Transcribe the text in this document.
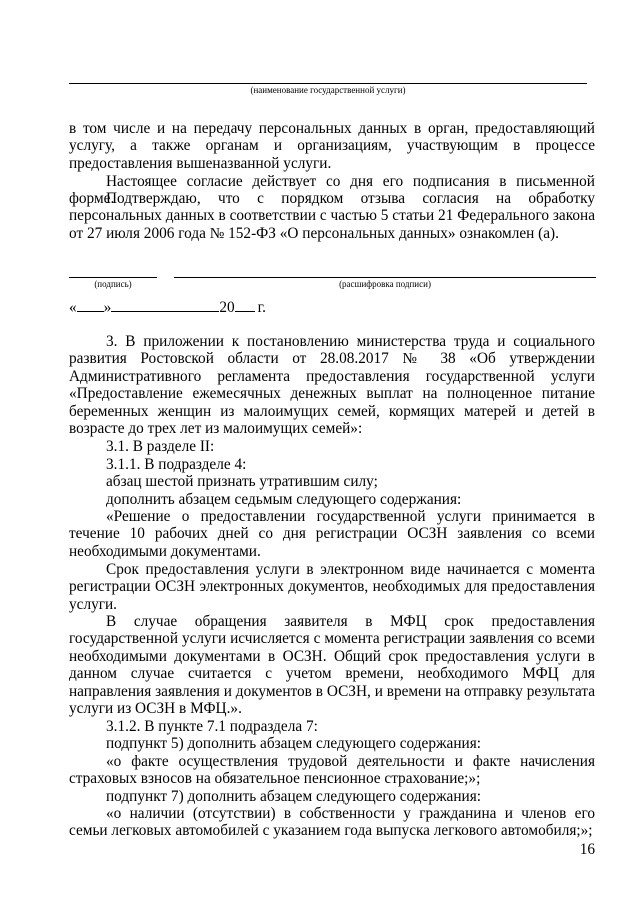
(наименование государственной услуги)
в том числе и на передачу персональных данных в орган, предоставляющий услугу, а также органам и организациям, участвующим в процессе предоставления вышеназванной услуги.
Настоящее согласие действует со дня его подписания в письменной форме.
Подтверждаю, что с порядком отзыва согласия на обработку персональных данных в соответствии с частью 5 статьи 21 Федерального закона от 27 июля 2006 года № 152-ФЗ «О персональных данных» ознакомлен (а).
(подпись)	(расшифровка подписи)
« »	20 г.
3. В приложении к постановлению министерства труда и социального развития Ростовской области от 28.08.2017 № 38 «Об утверждении Административного регламента предоставления государственной услуги «Предоставление ежемесячных денежных выплат на полноценное питание беременных женщин из малоимущих семей, кормящих матерей и детей в возрасте до трех лет из малоимущих семей»:
3.1. В разделе II:
3.1.1. В подразделе 4:
абзац шестой признать утратившим силу;
дополнить абзацем седьмым следующего содержания:
«Решение о предоставлении государственной услуги принимается в течение 10 рабочих дней со дня регистрации ОСЗН заявления со всеми необходимыми документами.
Срок предоставления услуги в электронном виде начинается с момента регистрации ОСЗН электронных документов, необходимых для предоставления услуги.
В случае обращения заявителя в МФЦ срок предоставления государственной услуги исчисляется с момента регистрации заявления со всеми необходимыми документами в ОСЗН. Общий срок предоставления услуги в данном случае считается с учетом времени, необходимого МФЦ для направления заявления и документов в ОСЗН, и времени на отправку результата услуги из ОСЗН в МФЦ.».
3.1.2. В пункте 7.1 подраздела 7:
подпункт 5) дополнить абзацем следующего содержания:
«о факте осуществления трудовой деятельности и факте начисления страховых взносов на обязательное пенсионное страхование;»;
подпункт 7) дополнить абзацем следующего содержания:
«о наличии (отсутствии) в собственности у гражданина и членов его семьи легковых автомобилей с указанием года выпуска легкового автомобиля;»;
16
